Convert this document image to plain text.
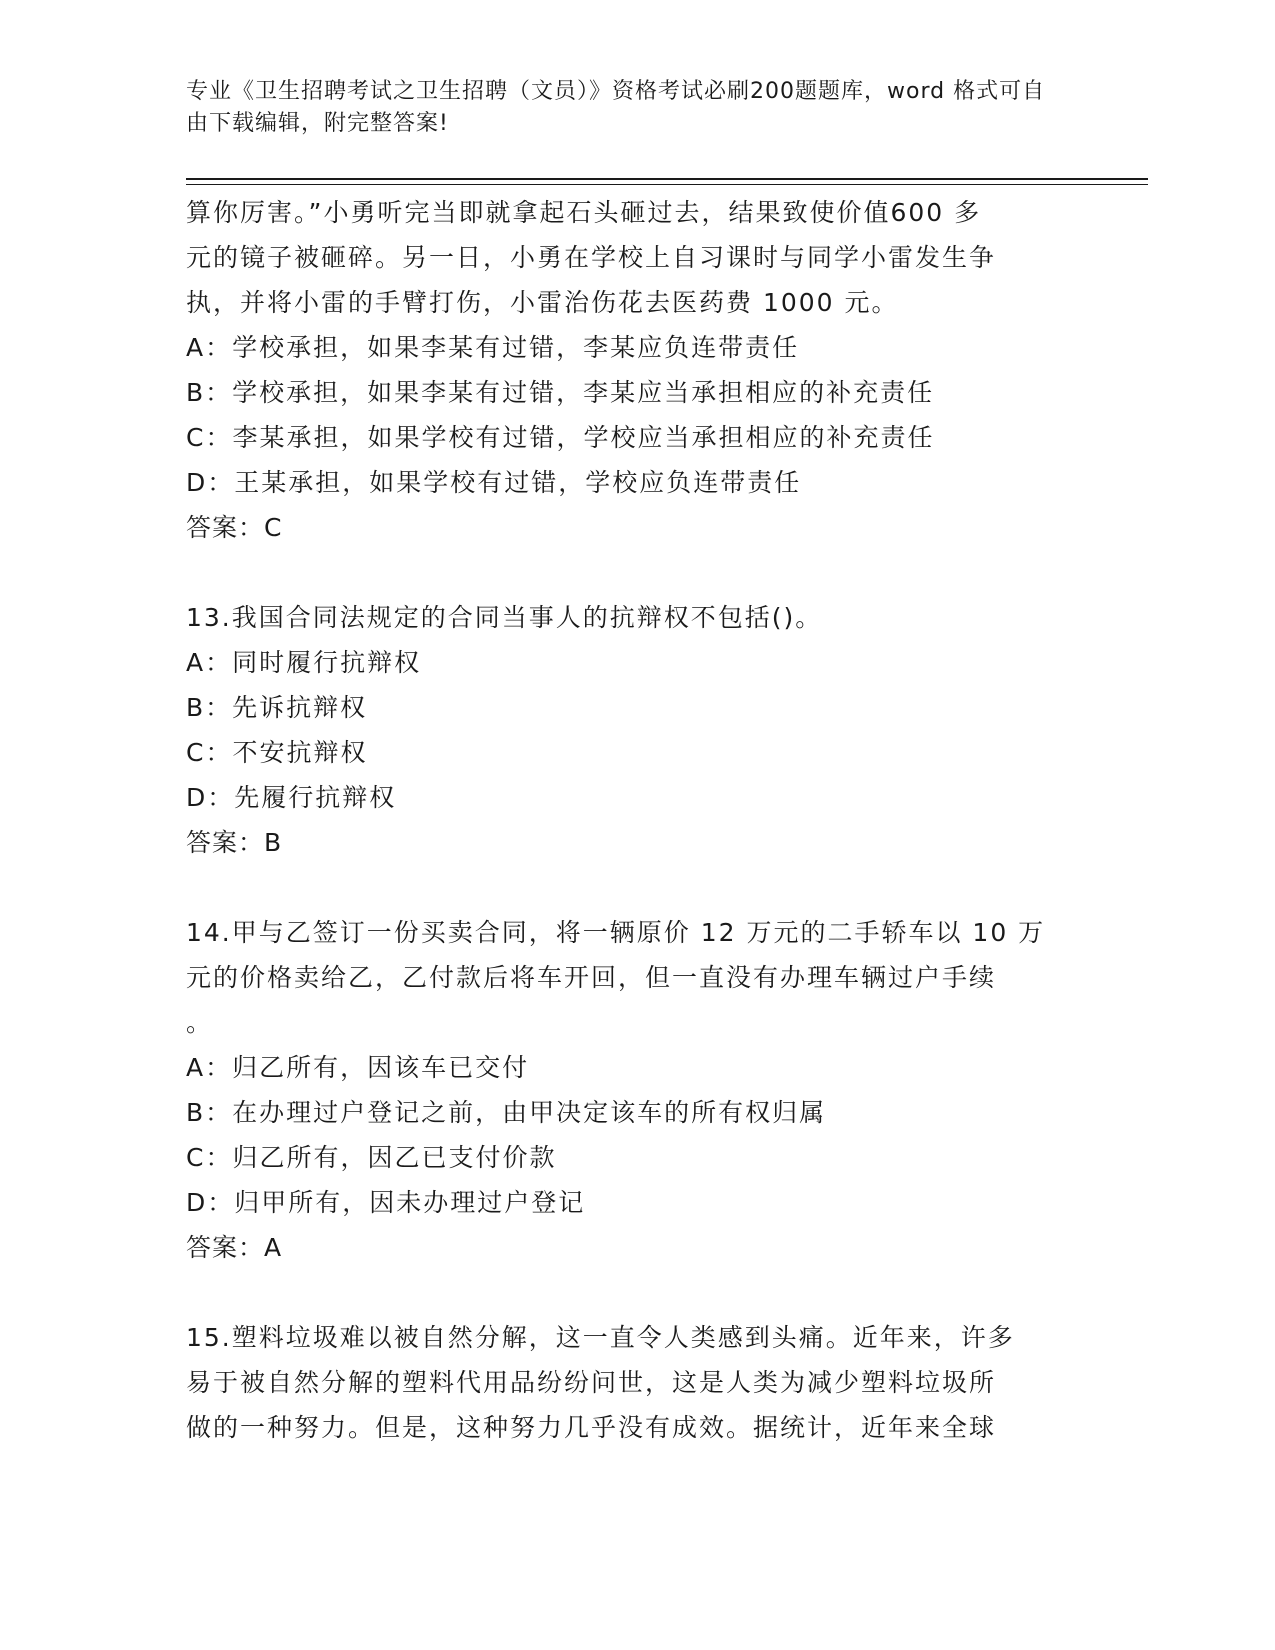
专业《卫生招聘考试之卫生招聘（文员）》资格考试必刷200题题库，word 格式可自由下载编辑，附完整答案!
算你厉害。”小勇听完当即就拿起石头砸过去，结果致使价值600 多
元的镜子被砸碎。另一日，小勇在学校上自习课时与同学小雷发生争
执，并将小雷的手臂打伤，小雷治伤花去医药费 1000 元。
A：学校承担，如果李某有过错，李某应负连带责任
B：学校承担，如果李某有过错，李某应当承担相应的补充责任
C：李某承担，如果学校有过错，学校应当承担相应的补充责任
D：王某承担，如果学校有过错，学校应负连带责任
答案：C
13.我国合同法规定的合同当事人的抗辩权不包括()。
A：同时履行抗辩权
B：先诉抗辩权
C：不安抗辩权
D：先履行抗辩权
答案：B
14.甲与乙签订一份买卖合同，将一辆原价 12 万元的二手轿车以 10 万
元的价格卖给乙，乙付款后将车开回，但一直没有办理车辆过户手续
。
A：归乙所有，因该车已交付
B：在办理过户登记之前，由甲决定该车的所有权归属
C：归乙所有，因乙已支付价款
D：归甲所有，因未办理过户登记
答案：A
15.塑料垃圾难以被自然分解，这一直令人类感到头痛。近年来，许多
易于被自然分解的塑料代用品纷纷问世，这是人类为减少塑料垃圾所
做的一种努力。但是，这种努力几乎没有成效。据统计，近年来全球
